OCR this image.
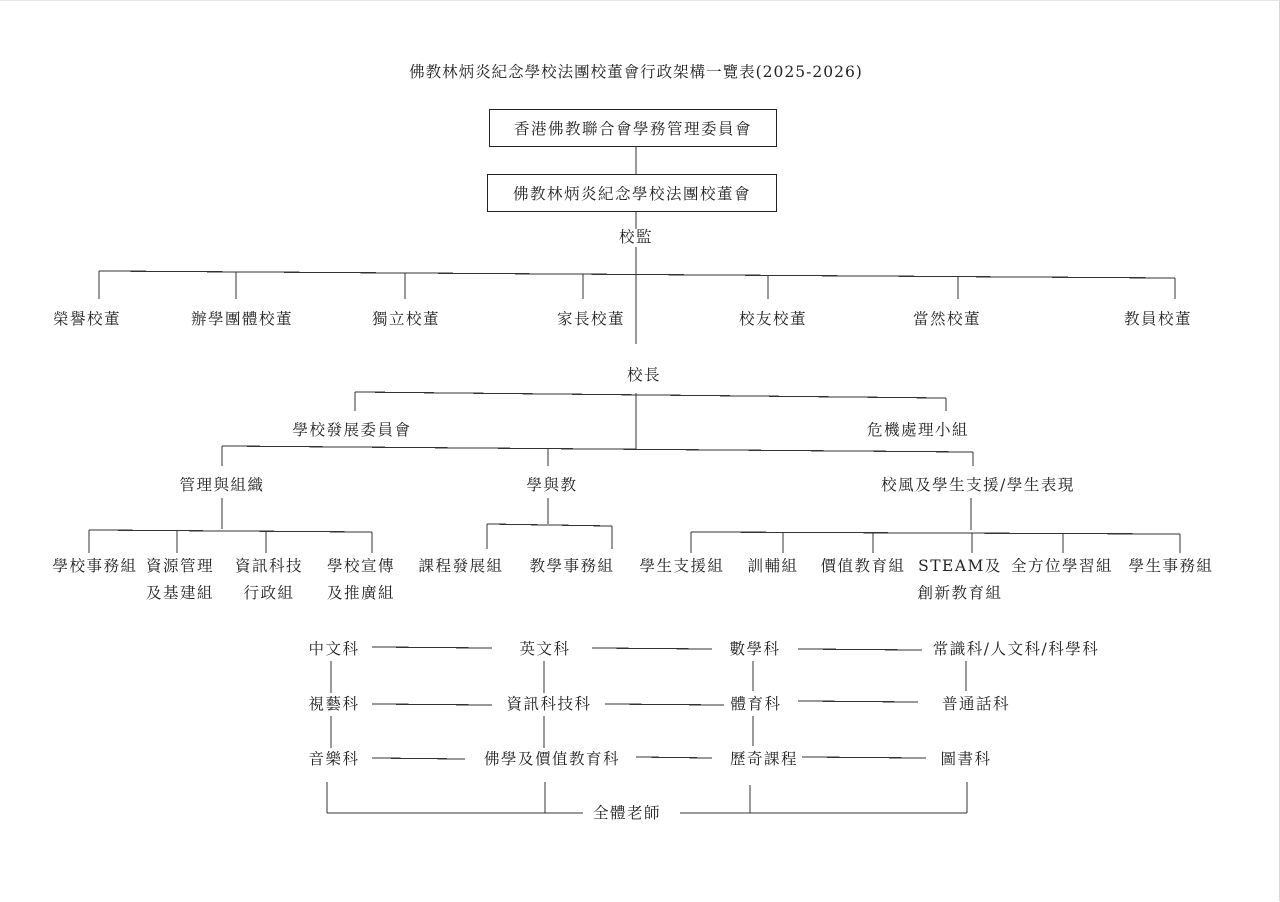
佛教林炳炎紀念學校法團校董會行政架構一覽表(2025-2026)
香港佛教聯合會學務管理委員會
佛教林炳炎紀念學校法團校董會
校監
榮譽校董	辦學團體校董	獨立校董	家長校董	校友校董	當然校董	教員校董
校長
學校發展委員會	危機處理小組
管理與組織	學與教	校風及學生支援/學生表現
學校事務組 資源管理
及基建組
資訊科技
行政組
學校宣傳
及推廣組
課程發展組 教學事務組 學生支援組 訓輔組 價值教育組 STEAM及
創新教育組
全方位學習組 學生事務組
中文科	英文科	數學科	常識科/人文科/科學科
視藝科	資訊科技科	體育科	普通話科
音樂科	佛學及價值教育科	歷奇課程	圖書科
全體老師
